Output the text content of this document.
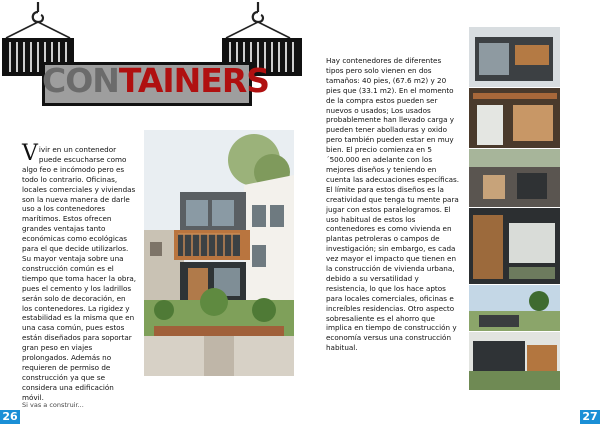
CONTAINERS
Vivir en un contenedor puede escucharse como algo feo e incómodo pero es todo lo contrario. Oficinas, locales comerciales y viviendas son la nueva manera de darle uso a los contenedores marítimos. Estos ofrecen grandes ventajas tanto económicas como ecológicas para el que decide utilizarlos. Su mayor ventaja sobre una construcción común es el tiempo que toma hacer la obra, pues el cemento y los ladrillos serán solo de decoración, en los contenedores. La rigidez y estabilidad es la misma que en una casa común, pues estos están diseñados para soportar gran peso en viajes prolongados. Además no requieren de permiso de construcción ya que se considera una edificación móvil.
Hay contenedores de diferentes tipos pero solo vienen en dos tamaños: 40 pies, (67.6 m2) y 20 pies que (33.1 m2). En el momento de la compra estos pueden ser nuevos o usados; Los usados probablemente han llevado carga y pueden tener abolladuras y oxido pero también pueden estar en muy bien. El precio comienza en 5´500.000 en adelante con los mejores diseños y teniendo en cuenta las adecuaciones específicas. El límite para estos diseños es la creatividad que tenga tu mente para jugar con estos paralelogramos. El uso habitual de estos los contenedores es como vivienda en plantas petroleras o campos de investigación; sin embargo, es cada vez mayor el impacto que tienen en la construcción de vivienda urbana, debido a su versatilidad y resistencia, lo que los hace aptos para locales comerciales, oficinas e increíbles residencias. Otro aspecto sobresaliente es el ahorro que implica en tiempo de construcción y economía versus una construcción habitual.
Si vas a construir...
26	27
